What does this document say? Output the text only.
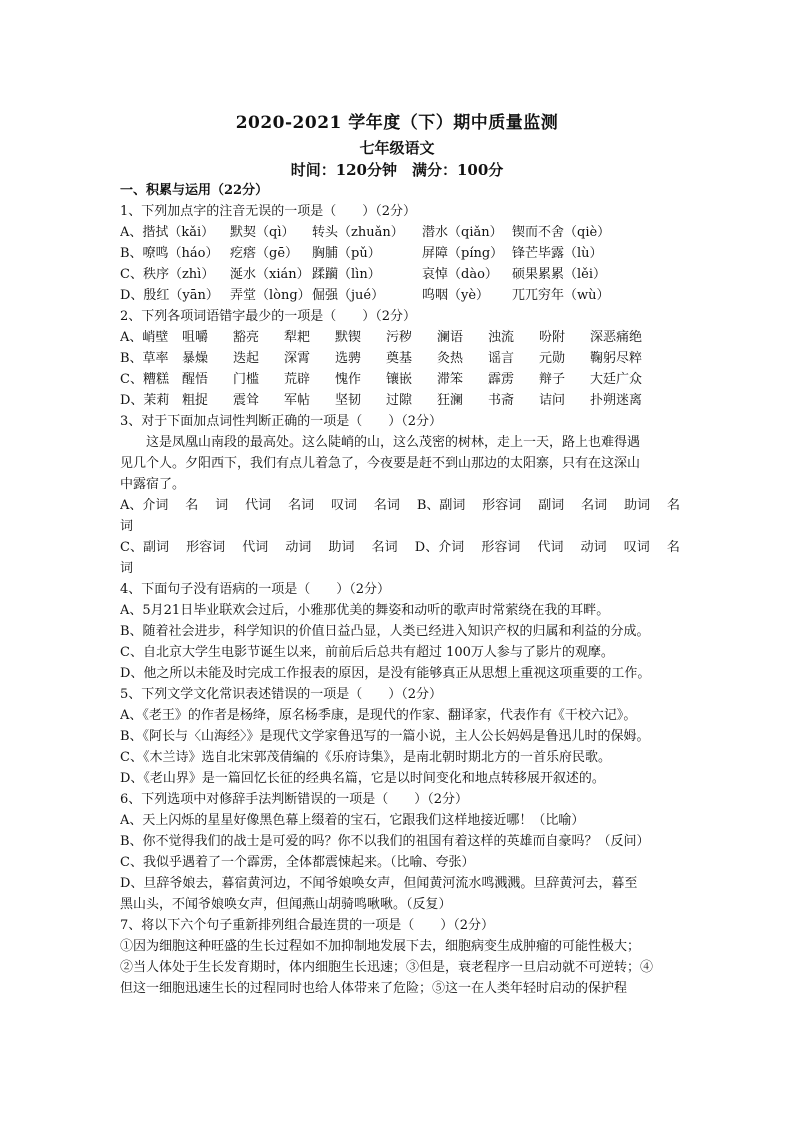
2020-2021 学年度（下）期中质量监测
七年级语文
时间：120分钟　满分：100分
一、积累与运用（22分）
1、下列加点字的注音无误的一项是（　　）（2分）
A、揩拭（kǎi）	默契（qì）	转头（zhuǎn）	潜水（qiǎn） 锲而不舍（qiè）
B、嘹鸣（háo） 疙瘩（gē）	胸脯（pǔ）	屏障（píng） 锋芒毕露（lù）
C、秩序（zhì）	涎水（xián） 蹂躏（lìn）	哀悼（dào）	硕果累累（lěi）
D、殷红（yān） 弄堂（lòng） 倔强（jué）	呜咽（yè）	兀兀穷年（wù）
2、下列各项词语错字最少的一项是（　　）（2分）
A、峭壁	咀嚼	豁亮	犁耙	默锲	污秽	澜语	浊流	吩附	深恶痛绝
B、草率	暴燥	迭起	深霄	选骋	奠基	灸热	谣言	元勋	鞠躬尽粹
C、糟糕	醒悟	门槛	荒辟	愧作	镶嵌	滞笨	霹雳	辩子	大廷广众
D、茉莉 粗捉	震耸	军帖	坚韧	过隙	狂澜	书斋	诘问	扑朔迷离
3、对于下面加点词性判断正确的一项是（　　）（2分）
这是凤凰山南段的最高处。这么陡峭的山，这么茂密的树林，走上一天，路上也难得遇
见几个人。夕阳西下，我们有点儿着急了，今夜要是赶不到山那边的太阳寨，只有在这深山
中露宿了。
A、介词 名 词 代词 名词 叹词 名词 B、副词 形容词 副词 名词 助词 名
词
C、副词 形容词 代词 动词 助词 名词 D、介词 形容词 代词 动词 叹词 名
词
4、下面句子没有语病的一项是（　　）（2分）
A、5月21日毕业联欢会过后，小雅那优美的舞姿和动听的歌声时常萦绕在我的耳畔。
B、随着社会进步，科学知识的价值日益凸显，人类已经进入知识产权的归属和利益的分成。
C、自北京大学生电影节诞生以来，前前后后总共有超过 100万人参与了影片的观摩。
D、他之所以未能及时完成工作报表的原因，是没有能够真正从思想上重视这项重要的工作。
5、下列文学文化常识表述错误的一项是（　　）（2分）
A、《老王》的作者是杨绛，原名杨季康，是现代的作家、翻译家，代表作有《干校六记》。
B、《阿长与〈山海经〉》是现代文学家鲁迅写的一篇小说，主人公长妈妈是鲁迅儿时的保姆。
C、《木兰诗》选自北宋郭茂倩编的《乐府诗集》，是南北朝时期北方的一首乐府民歌。
D、《老山界》是一篇回忆长征的经典名篇，它是以时间变化和地点转移展开叙述的。
6、下列选项中对修辞手法判断错误的一项是（　　）（2分）
A、天上闪烁的星星好像黑色幕上缀着的宝石，它跟我们这样地接近哪！（比喻）
B、你不觉得我们的战士是可爱的吗？你不以我们的祖国有着这样的英雄而自豪吗？（反问）
C、我似乎遇着了一个霹雳，全体都震悚起来。（比喻、夸张）
D、旦辞爷娘去，暮宿黄河边，不闻爷娘唤女声，但闻黄河流水鸣溅溅。旦辞黄河去，暮至
黑山头，不闻爷娘唤女声，但闻燕山胡骑鸣啾啾。（反复）
7、将以下六个句子重新排列组合最连贯的一项是（　　）（2分）
①因为细胞这种旺盛的生长过程如不加抑制地发展下去，细胞病变生成肿瘤的可能性极大；
②当人体处于生长发育期时，体内细胞生长迅速；③但是，衰老程序一旦启动就不可逆转；④
但这一细胞迅速生长的过程同时也给人体带来了危险；⑤这一在人类年轻时启动的保护程
